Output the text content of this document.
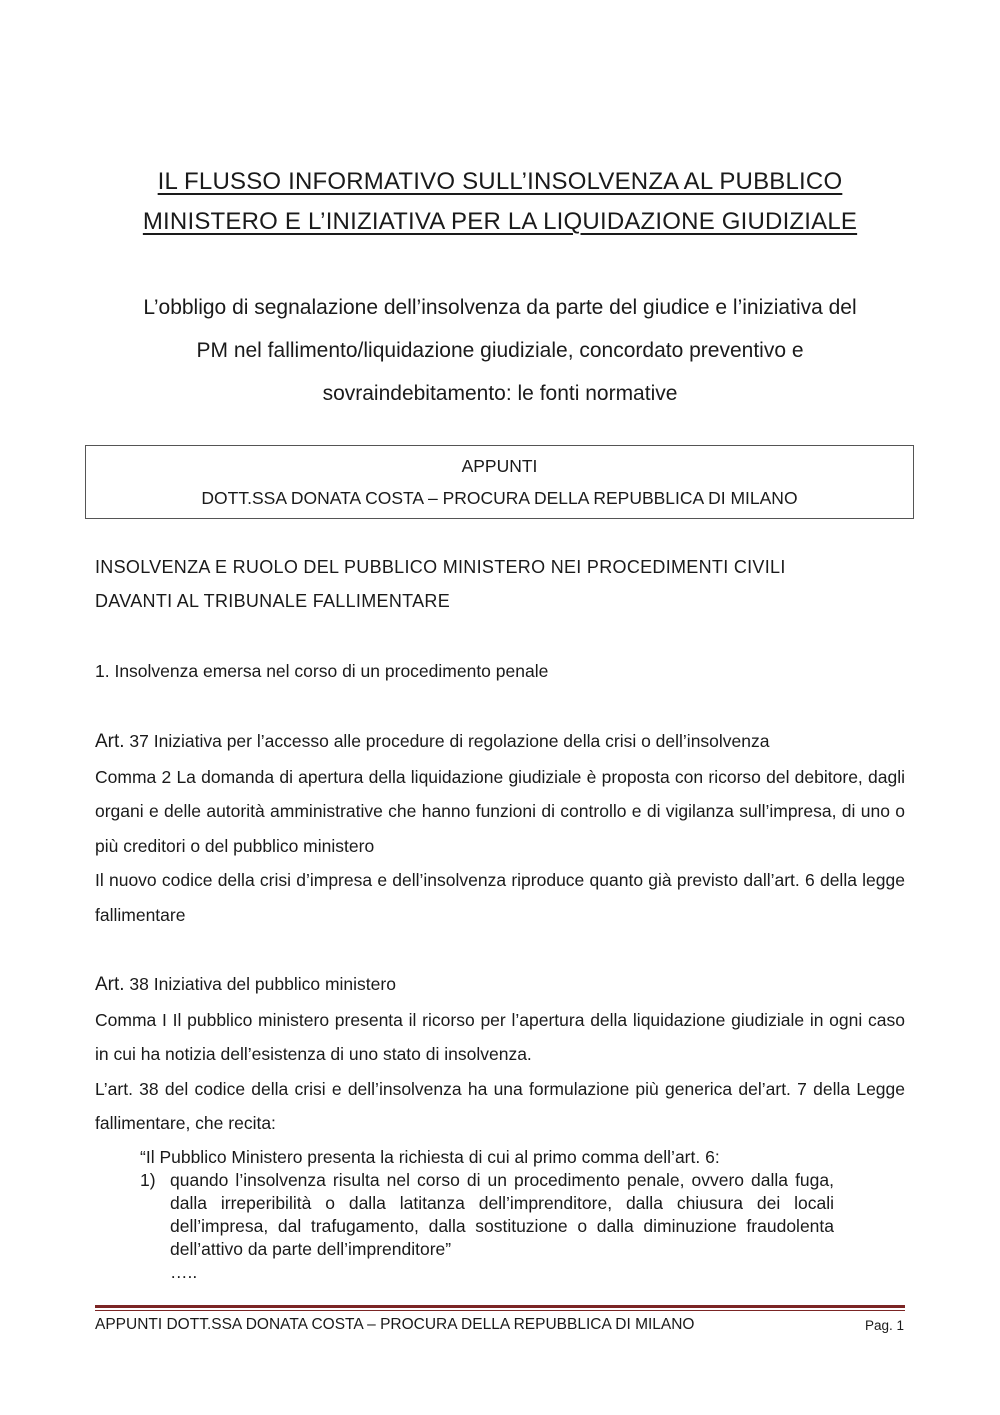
IL FLUSSO INFORMATIVO SULL’INSOLVENZA AL PUBBLICO
MINISTERO E L’INIZIATIVA PER LA LIQUIDAZIONE GIUDIZIALE
L’obbligo di segnalazione dell’insolvenza da parte del giudice e l’iniziativa del
PM nel fallimento/liquidazione giudiziale, concordato preventivo e
sovraindebitamento: le fonti normative
APPUNTI
DOTT.SSA DONATA COSTA – PROCURA DELLA REPUBBLICA DI MILANO
INSOLVENZA E RUOLO DEL PUBBLICO MINISTERO NEI PROCEDIMENTI CIVILI
DAVANTI AL TRIBUNALE FALLIMENTARE
1. Insolvenza emersa nel corso di un procedimento penale
Art. 37 Iniziativa per l’accesso alle procedure di regolazione della crisi o dell’insolvenza
Comma 2 La domanda di apertura della liquidazione giudiziale è proposta con ricorso del debitore, dagli organi e delle autorità amministrative che hanno funzioni di controllo e di vigilanza sull’impresa, di uno o più creditori o del pubblico ministero
Il nuovo codice della crisi d’impresa e dell’insolvenza riproduce quanto già previsto dall’art. 6 della legge fallimentare
Art. 38 Iniziativa del pubblico ministero
Comma I Il pubblico ministero presenta il ricorso per l’apertura della liquidazione giudiziale in ogni caso in cui ha notizia dell’esistenza di uno stato di insolvenza.
L’art. 38 del codice della crisi e dell’insolvenza ha una formulazione più generica del’art. 7 della Legge fallimentare, che recita:
“Il Pubblico Ministero presenta la richiesta di cui al primo comma dell’art. 6:
1) quando l’insolvenza risulta nel corso di un procedimento penale, ovvero dalla fuga, dalla irreperibilità o dalla latitanza dell’imprenditore, dalla chiusura dei locali dell’impresa, dal trafugamento, dalla sostituzione o dalla diminuzione fraudolenta dell’attivo da parte dell’imprenditore”
…..
APPUNTI DOTT.SSA DONATA COSTA – PROCURA DELLA REPUBBLICA DI MILANO	Pag. 1
